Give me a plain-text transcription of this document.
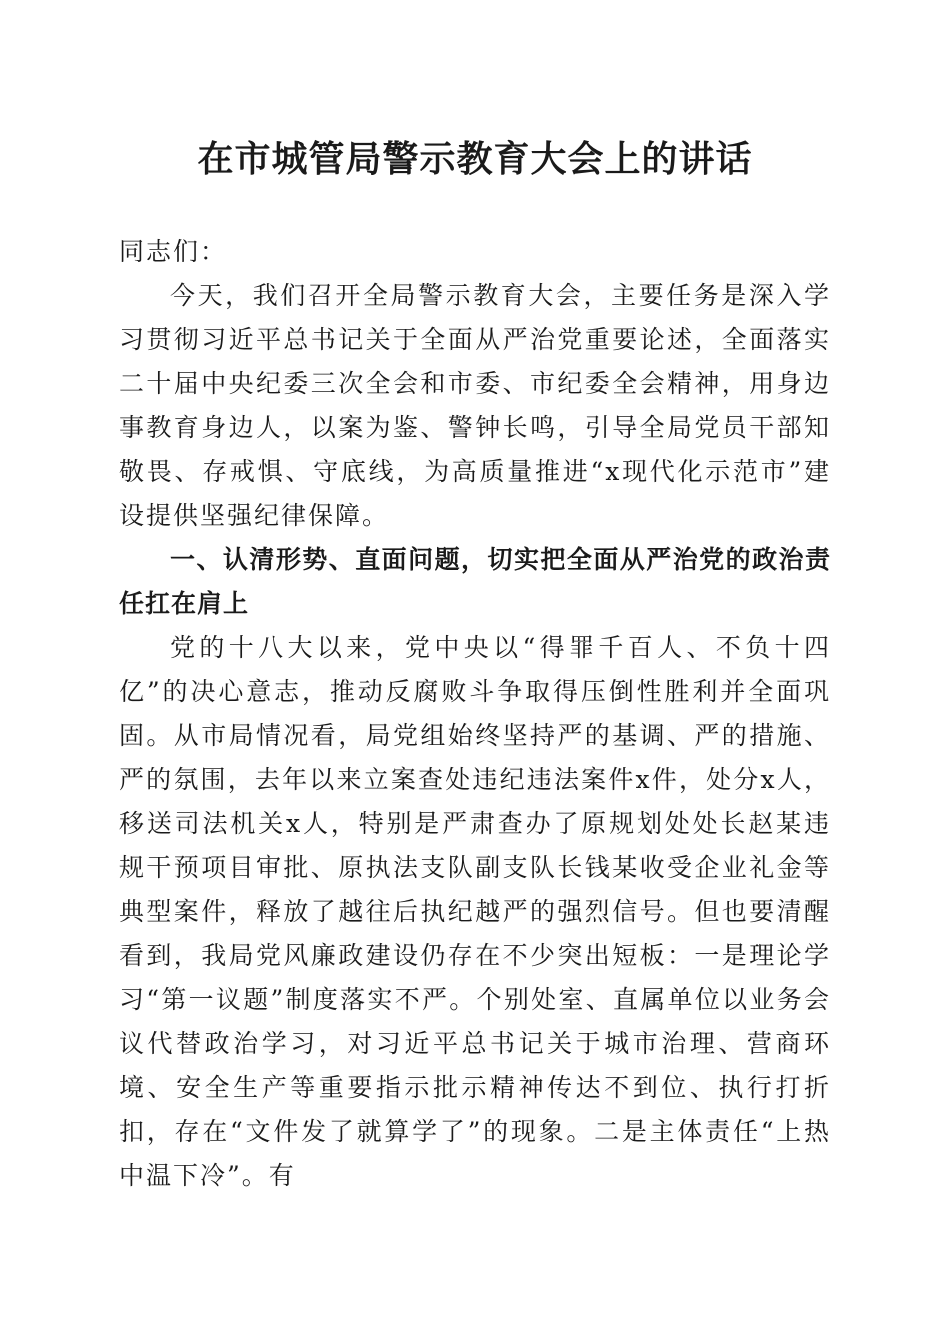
在市城管局警示教育大会上的讲话

同志们：

今天，我们召开全局警示教育大会，主要任务是深入学习贯彻习近平总书记关于全面从严治党重要论述，全面落实二十届中央纪委三次全会和市委、市纪委全会精神，用身边事教育身边人，以案为鉴、警钟长鸣，引导全局党员干部知敬畏、存戒惧、守底线，为高质量推进“x现代化示范市”建设提供坚强纪律保障。

一、认清形势、直面问题，切实把全面从严治党的政治责任扛在肩上

党的十八大以来，党中央以“得罪千百人、不负十四亿”的决心意志，推动反腐败斗争取得压倒性胜利并全面巩固。从市局情况看，局党组始终坚持严的基调、严的措施、严的氛围，去年以来立案查处违纪违法案件x件，处分x人，移送司法机关x人，特别是严肃查办了原规划处处长赵某违规干预项目审批、原执法支队副支队长钱某收受企业礼金等典型案件，释放了越往后执纪越严的强烈信号。但也要清醒看到，我局党风廉政建设仍存在不少突出短板：一是理论学习“第一议题”制度落实不严。个别处室、直属单位以业务会议代替政治学习，对习近平总书记关于城市治理、营商环境、安全生产等重要指示批示精神传达不到位、执行打折扣，存在“文件发了就算学了”的现象。二是主体责任“上热中温下冷”。有
